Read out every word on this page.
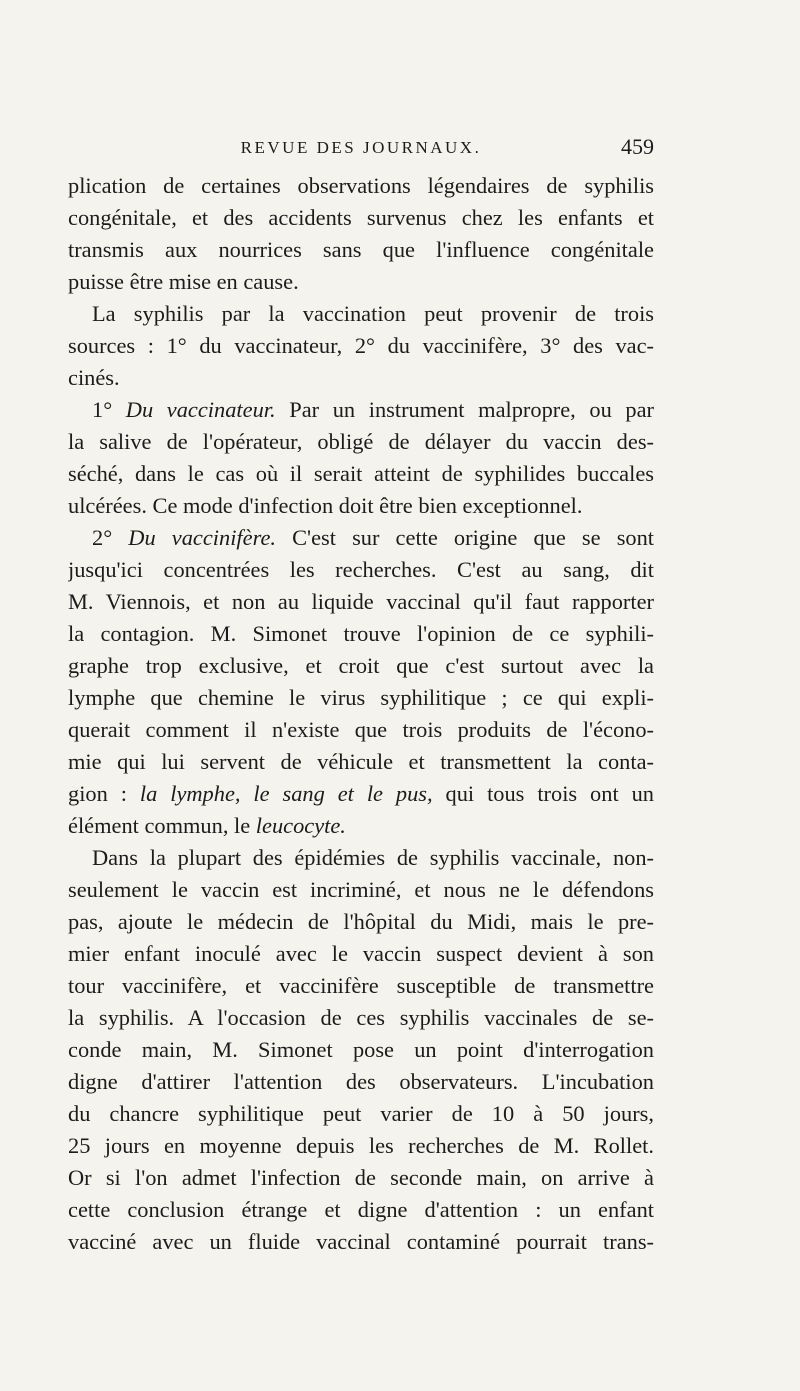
REVUE DES JOURNAUX.	459
plication de certaines observations légendaires de syphilis
congénitale, et des accidents survenus chez les enfants et
transmis aux nourrices sans que l'influence congénitale
puisse être mise en cause.
La syphilis par la vaccination peut provenir de trois
sources : 1° du vaccinateur, 2° du vaccinifère, 3° des vac-
cinés.
1° Du vaccinateur. Par un instrument malpropre, ou par
la salive de l'opérateur, obligé de délayer du vaccin des-
séché, dans le cas où il serait atteint de syphilides buccales
ulcérées. Ce mode d'infection doit être bien exceptionnel.
2° Du vaccinifère. C'est sur cette origine que se sont
jusqu'ici concentrées les recherches. C'est au sang, dit
M. Viennois, et non au liquide vaccinal qu'il faut rapporter
la contagion. M. Simonet trouve l'opinion de ce syphili-
graphe trop exclusive, et croit que c'est surtout avec la
lymphe que chemine le virus syphilitique ; ce qui expli-
querait comment il n'existe que trois produits de l'écono-
mie qui lui servent de véhicule et transmettent la conta-
gion : la lymphe, le sang et le pus, qui tous trois ont un
élément commun, le leucocyte.
Dans la plupart des épidémies de syphilis vaccinale, non-
seulement le vaccin est incriminé, et nous ne le défendons
pas, ajoute le médecin de l'hôpital du Midi, mais le pre-
mier enfant inoculé avec le vaccin suspect devient à son
tour vaccinifère, et vaccinifère susceptible de transmettre
la syphilis. A l'occasion de ces syphilis vaccinales de se-
conde main, M. Simonet pose un point d'interrogation
digne d'attirer l'attention des observateurs. L'incubation
du chancre syphilitique peut varier de 10 à 50 jours,
25 jours en moyenne depuis les recherches de M. Rollet.
Or si l'on admet l'infection de seconde main, on arrive à
cette conclusion étrange et digne d'attention : un enfant
vacciné avec un fluide vaccinal contaminé pourrait trans-
